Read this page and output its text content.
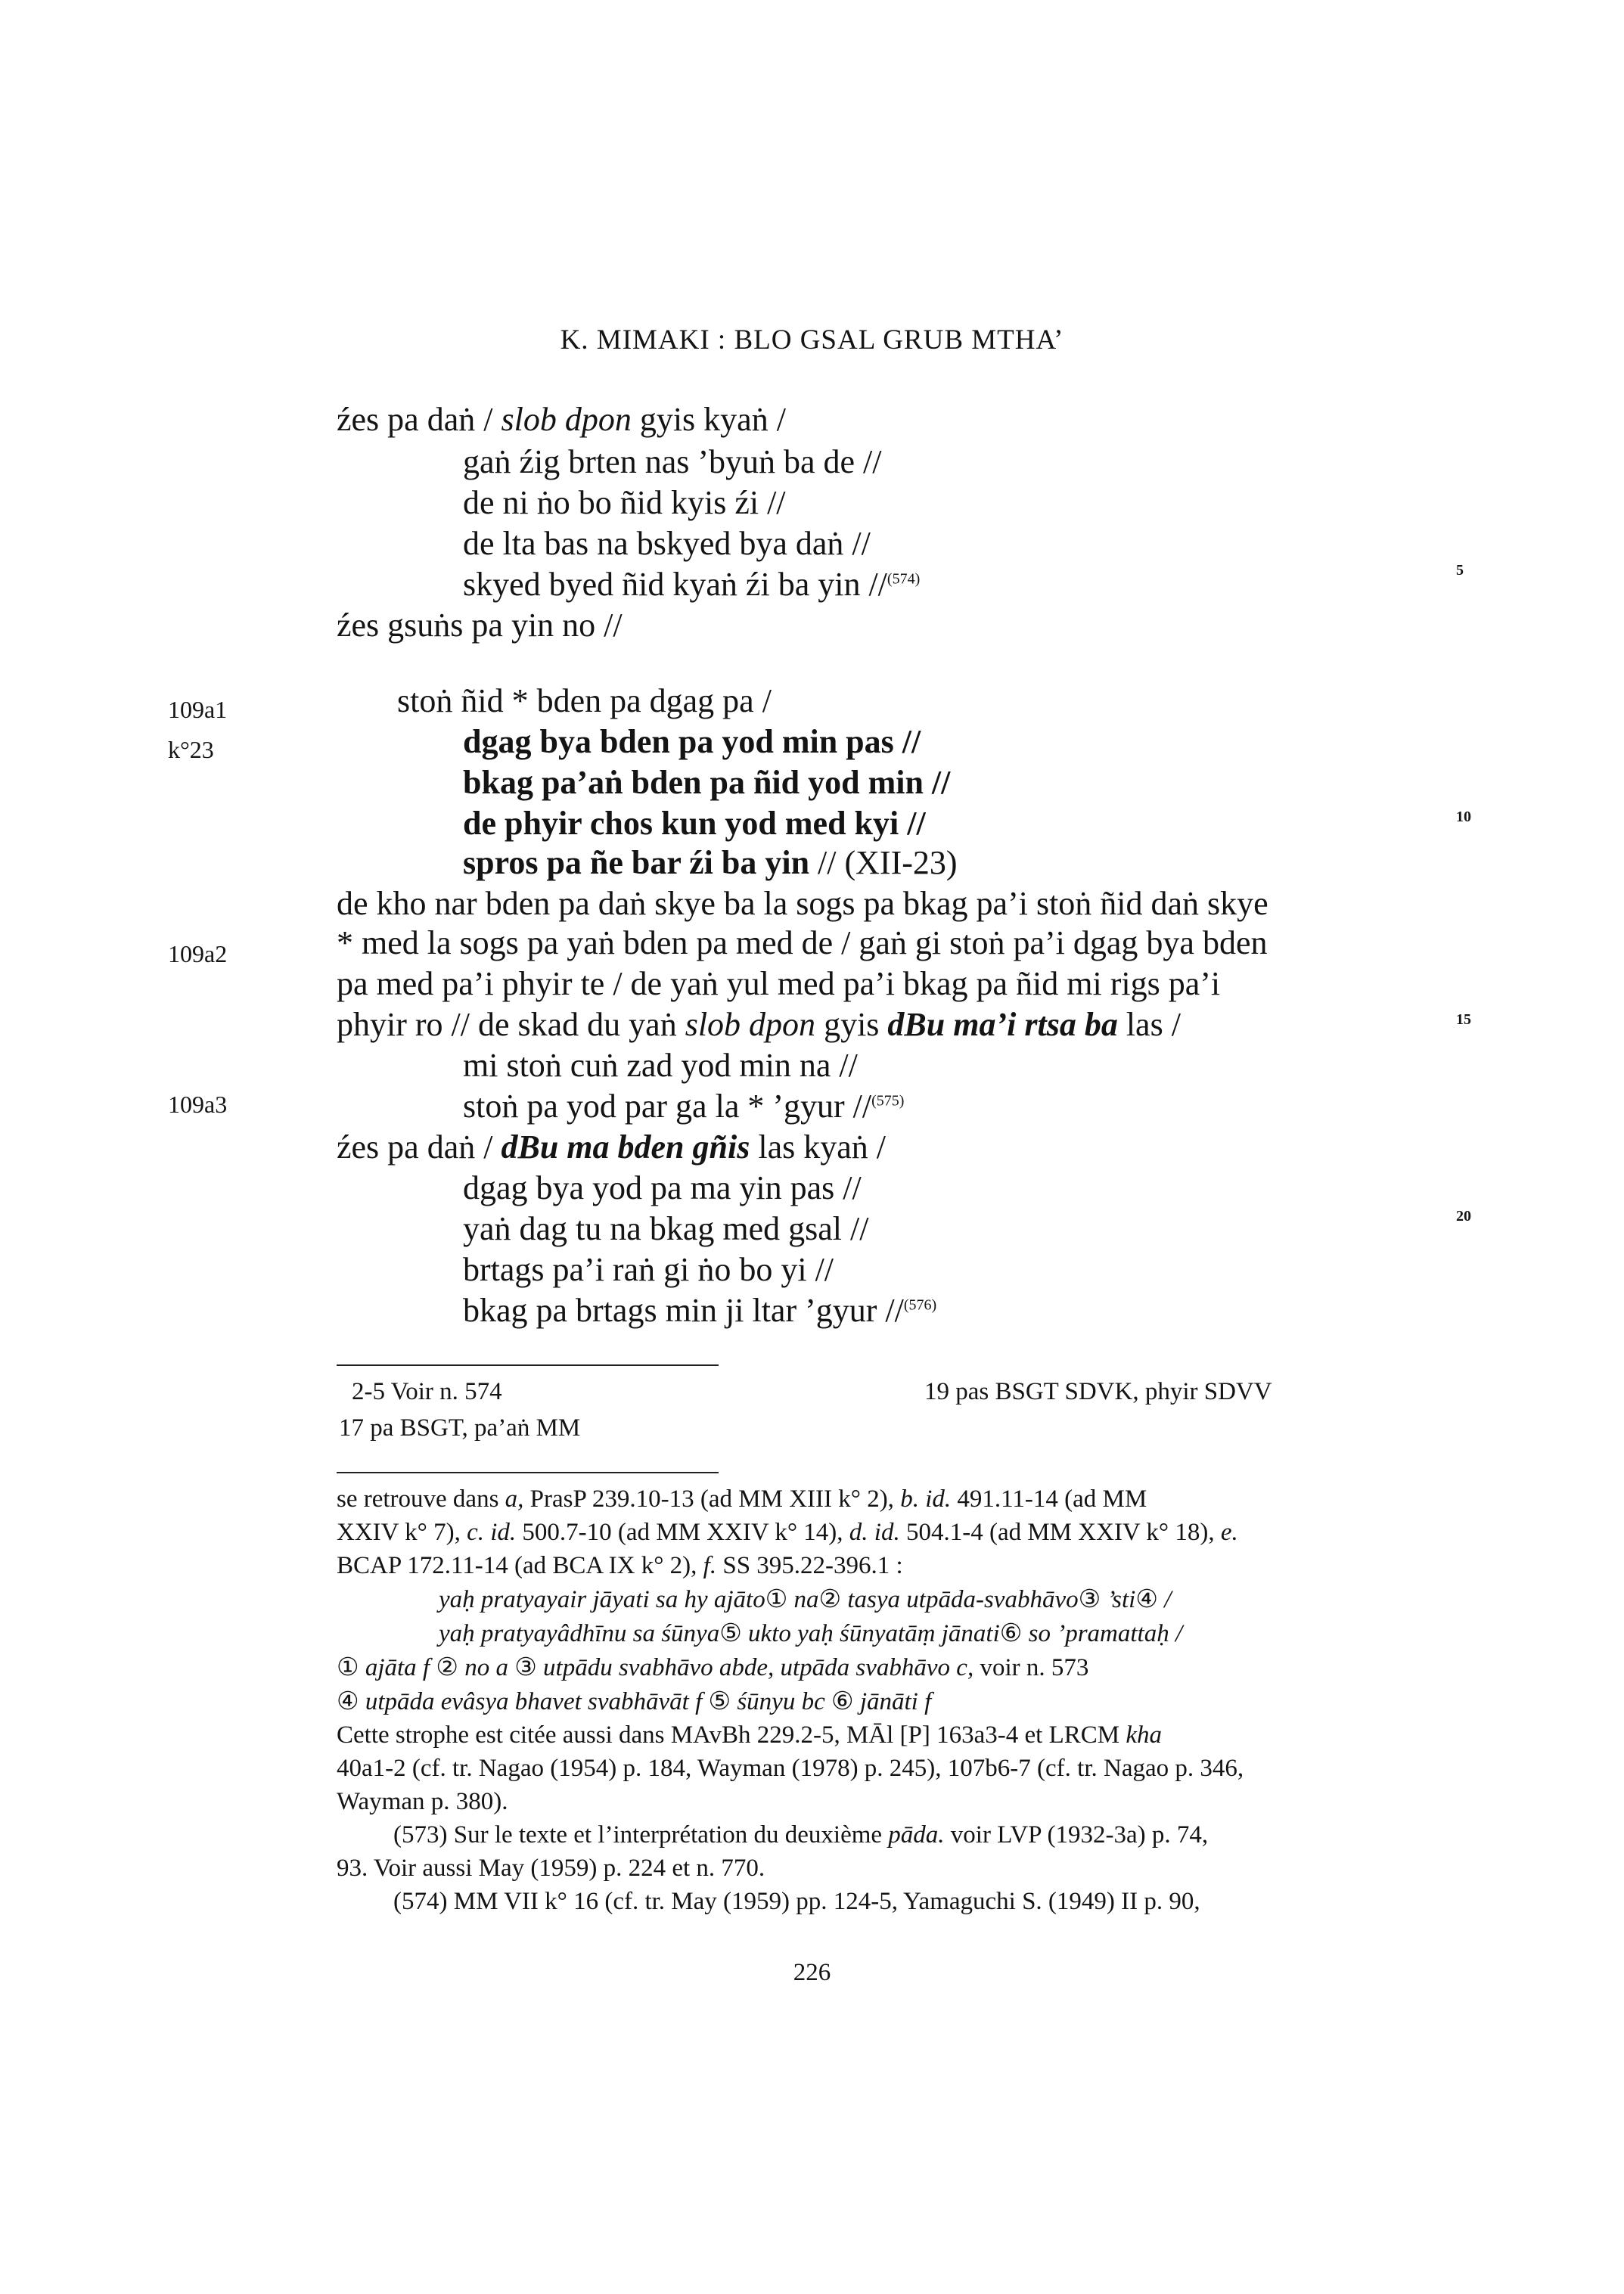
K. MIMAKI : BLO GSAL GRUB MTHA’
źes pa daṅ / slob dpon gyis kyaṅ /
gaṅ źig brten nas ’byuṅ ba de //
de ni ṅo bo ñid kyis źi //
de lta bas na bskyed bya daṅ //
skyed byed ñid kyaṅ źi ba yin //$^{(574)}$
źes gsuṅs pa yin no //
stoṅ ñid * bden pa dgag pa /
dgag bya bden pa yod min pas //
bkag pa’aṅ bden pa ñid yod min //
de phyir chos kun yod med kyi //
spros pa ñe bar źi ba yin // (XII-23)
de kho nar bden pa daṅ skye ba la sogs pa bkag pa’i stoṅ ñid daṅ skye
* med la sogs pa yaṅ bden pa med de / gaṅ gi stoṅ pa’i dgag bya bden
pa med pa’i phyir te / de yaṅ yul med pa’i bkag pa ñid mi rigs pa’i
phyir ro // de skad du yaṅ slob dpon gyis dBu ma’i rtsa ba las /
mi stoṅ cuṅ zad yod min na //
stoṅ pa yod par ga la * ’gyur //$^{(575)}$
źes pa daṅ / dBu ma bden gñis las kyaṅ /
dgag bya yod pa ma yin pas //
yaṅ dag tu na bkag med gsal //
brtags pa’i raṅ gi ṅo bo yi //
bkag pa brtags min ji ltar ’gyur //$^{(576)}$
109a1
k°23
109a2
109a3
5
10
15
20
2-5 Voir n. 574
17 pa BSGT, pa’aṅ MM
19 pas BSGT SDVK, phyir SDVV
se retrouve dans a, PrasP 239.10-13 (ad MM XIII k° 2), b. id. 491.11-14 (ad MM
XXIV k° 7), c. id. 500.7-10 (ad MM XXIV k° 14), d. id. 504.1-4 (ad MM XXIV k° 18), e.
BCAP 172.11-14 (ad BCA IX k° 2), f. SS 395.22-396.1 :
yaḥ pratyayair jāyati sa hy ajāto① na② tasya utpāda-svabhāvo③ ’sti④ /
yaḥ pratyayâdhīnu sa śūnya⑤ ukto yaḥ śūnyatāṃ jānati⑥ so ’pramattaḥ /
① ajāta f ② no a ③ utpādu svabhāvo abde, utpāda svabhāvo c, voir n. 573
④ utpāda evâsya bhavet svabhāvāt f ⑤ śūnyu bc ⑥ jānāti f
Cette strophe est citée aussi dans MAvBh 229.2-5, MĀl [P] 163a3-4 et LRCM kha
40a1-2 (cf. tr. Nagao (1954) p. 184, Wayman (1978) p. 245), 107b6-7 (cf. tr. Nagao p. 346,
Wayman p. 380).
(573) Sur le texte et l’interprétation du deuxième pāda. voir LVP (1932-3a) p. 74,
93. Voir aussi May (1959) p. 224 et n. 770.
(574) MM VII k° 16 (cf. tr. May (1959) pp. 124-5, Yamaguchi S. (1949) II p. 90,
226
